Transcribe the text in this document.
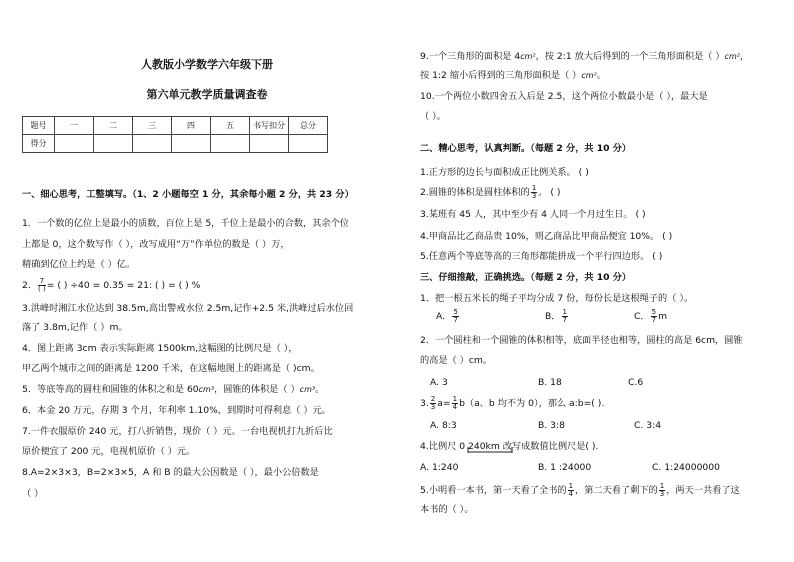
人教版小学数学六年级下册
第六单元教学质量调查卷
题号	一	二	三	四	五	书写扣分	总分
得分							
一、细心思考，工整填写。（1、2 小题每空 1 分，其余每小题 2 分，共 23 分）
1．一个数的亿位上是最小的质数，百位上是 5，千位上是最小的合数，其余个位
上都是 0，这个数写作（ ），改写成用“万”作单位的数是（ ）万，
精确到亿位上约是（ ）亿。
2． $\frac{7}{( )}$ = ( ) ÷40 = 0.35 = 21: ( ) = ( ) %
3.洪峰时湘江水位达到 38.5m,高出警戒水位 2.5m,记作+2.5 米,洪峰过后水位回
落了 3.8m,记作（ ）m。
4．图上距离 3cm 表示实际距离 1500km,这幅图的比例尺是（ ），
甲乙两个城市之间的距离是 1200 千米，在这幅地图上的距离是（ )cm。
5．等底等高的圆柱和圆锥的体积之和是 60cm³，圆锥的体积是（ ）cm³。
6．本金 20 万元，存期 3 个月，年利率 1.10%，到期时可得利息（ ）元。
7.一件衣服原价 240 元，打八折销售，现价（ ）元。一台电视机打九折后比
原价便宜了 200 元，电视机原价（ ）元。
8.A=2×3×3，B=2×3×5，A 和 B 的最大公因数是（ ），最小公倍数是
（ ）
9.一个三角形的面积是 4cm²，按 2:1 放大后得到的一个三角形面积是（ ）cm²，
按 1:2 缩小后得到的三角形面积是（ ）cm²。
10.一个两位小数四舍五入后是 2.5，这个两位小数最小是（ ），最大是
（ ）。
二、精心思考，认真判断。（每题 2 分，共 10 分）
1.正方形的边长与面积成正比例关系。 ( )
2.圆锥的体积是圆柱体积的 $\frac{1}{3}$ 。 ( )
3.某班有 45 人，其中至少有 4 人同一个月过生日。 ( )
4.甲商品比乙商品贵 10%，则乙商品比甲商品便宜 10%。 ( )
5.任意两个等底等高的三角形都能拼成一个平行四边形。 ( )
三、仔细推敲，正确挑选。（每题 2 分，共 10 分）
1．把一根五米长的绳子平均分成 7 份，每份长是这根绳子的（ ）。
A． $\frac{5}{7}$	B． $\frac{1}{7}$	C． $\frac{5}{7}$ m
2．一个圆柱和一个圆锥的体积相等，底面半径也相等，圆柱的高是 6cm，圆锥
的高是（ ）cm。
A. 3	B. 18	C.6
3. $\frac{2}{3} a= \frac{1}{4} b(a$、b 均不为 0），那么 a:b=( ).
A. 8:3	B. 3:8	C. 3:4
4.比例尺 0 240km 改写成数值比例尺是( ).
A. 1:240	B. 1 :24000	C. 1:24000000
5.小明看一本书，第一天看了全书的 $\frac{1}{4}$ ，第二天看了剩下的 $\frac{1}{3}$ ，两天一共看了这
本书的（ ）。
